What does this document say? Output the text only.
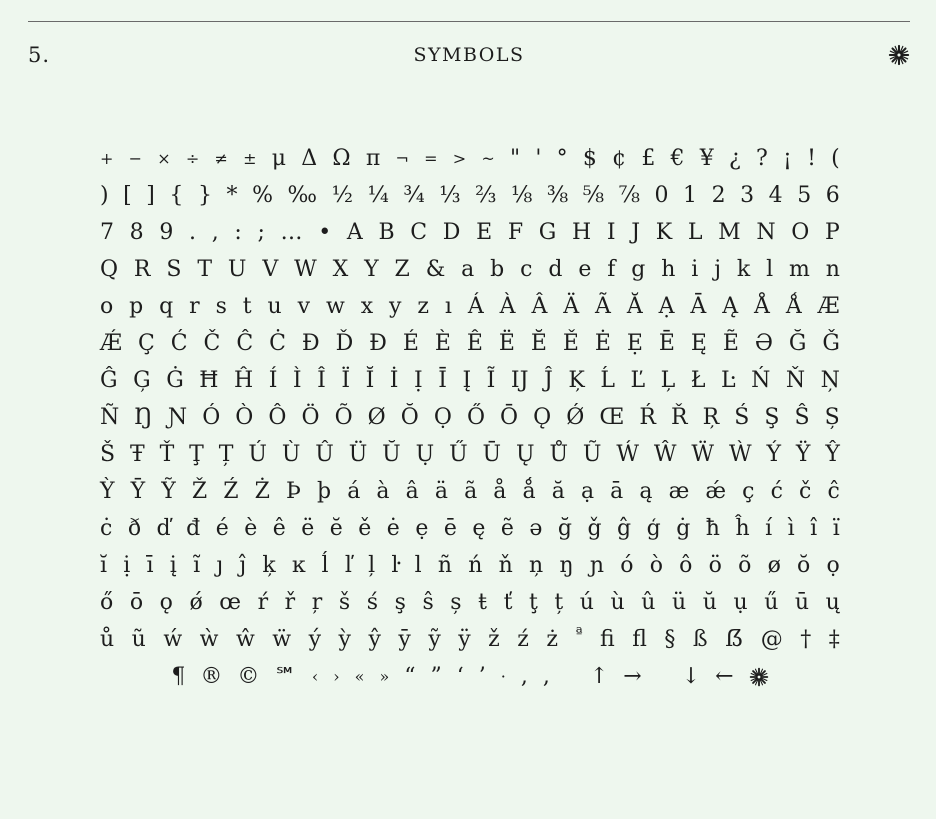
5.	SYMBOLS
+ − × ÷ ≠ ± μ Δ Ω π ¬ = > ~ " ' ° $ ¢ £ € ¥ ¿ ? ¡ ! (
) [ ] { } * % ‰ ½ ¼ ¾ ⅓ ⅔ ⅛ ⅜ ⅝ ⅞ 0 1 2 3 4 5 6
7 8 9 . , : ; … • A B C D E F G H I J K L M N O P
Q R S T U V W X Y Z & a b c d e f g h i j k l m n
o p q r s t u v w x y z ı Á À Â Ä Ã Ă Ạ Ā Ą Å Ǻ Æ
Ǽ Ç Ć Č Ĉ Ċ Ð Ď Đ É È Ê Ë Ĕ Ě Ė Ẹ Ē Ę Ẽ Ə Ğ Ǧ
Ĝ Ģ Ġ Ħ Ĥ Í Ì Î Ï Ĭ İ Ị Ī Į Ĩ Ĳ Ĵ Ķ Ĺ Ľ Ļ Ł Ŀ Ń Ň Ņ
Ñ Ŋ Ɲ Ó Ò Ô Ö Õ Ø Ŏ Ọ Ő Ō Ǫ Ǿ Œ Ŕ Ř Ŗ Ś Ş Ŝ Ș
Š Ŧ Ť Ţ Ț Ú Ù Û Ü Ŭ Ụ Ű Ū Ų Ů Ũ Ẃ Ŵ Ẅ Ẁ Ý Ÿ Ŷ
Ỳ Ȳ Ỹ Ž Ź Ż Þ þ á à â ä ã å ǻ ă ạ ā ą æ ǽ ç ć č ĉ
ċ ð ď đ é è ê ë ĕ ě ė ẹ ē ę ẽ ə ğ ǧ ĝ ģ ġ ħ ĥ í ì î ï
ĭ ị ī į ĩ ȷ ĵ ķ ĸ ĺ ľ ļ ŀ l ñ ń ň ņ ŋ ɲ ó ò ô ö õ ø ŏ ọ
ő ō ǫ ǿ œ ŕ ř ŗ š ś ş ŝ ș ŧ ť ţ ț ú ù û ü ŭ ụ ű ū ų
ů ũ ẃ ẁ ŵ ẅ ý ỳ ŷ ȳ ỹ ÿ ž ź ż ª ﬁ ﬂ § ß ẞ @ † ‡
¶ ® © ℠ ‹ › « » “ ” ‘ ’ · , , ↑ → ↓ ←
